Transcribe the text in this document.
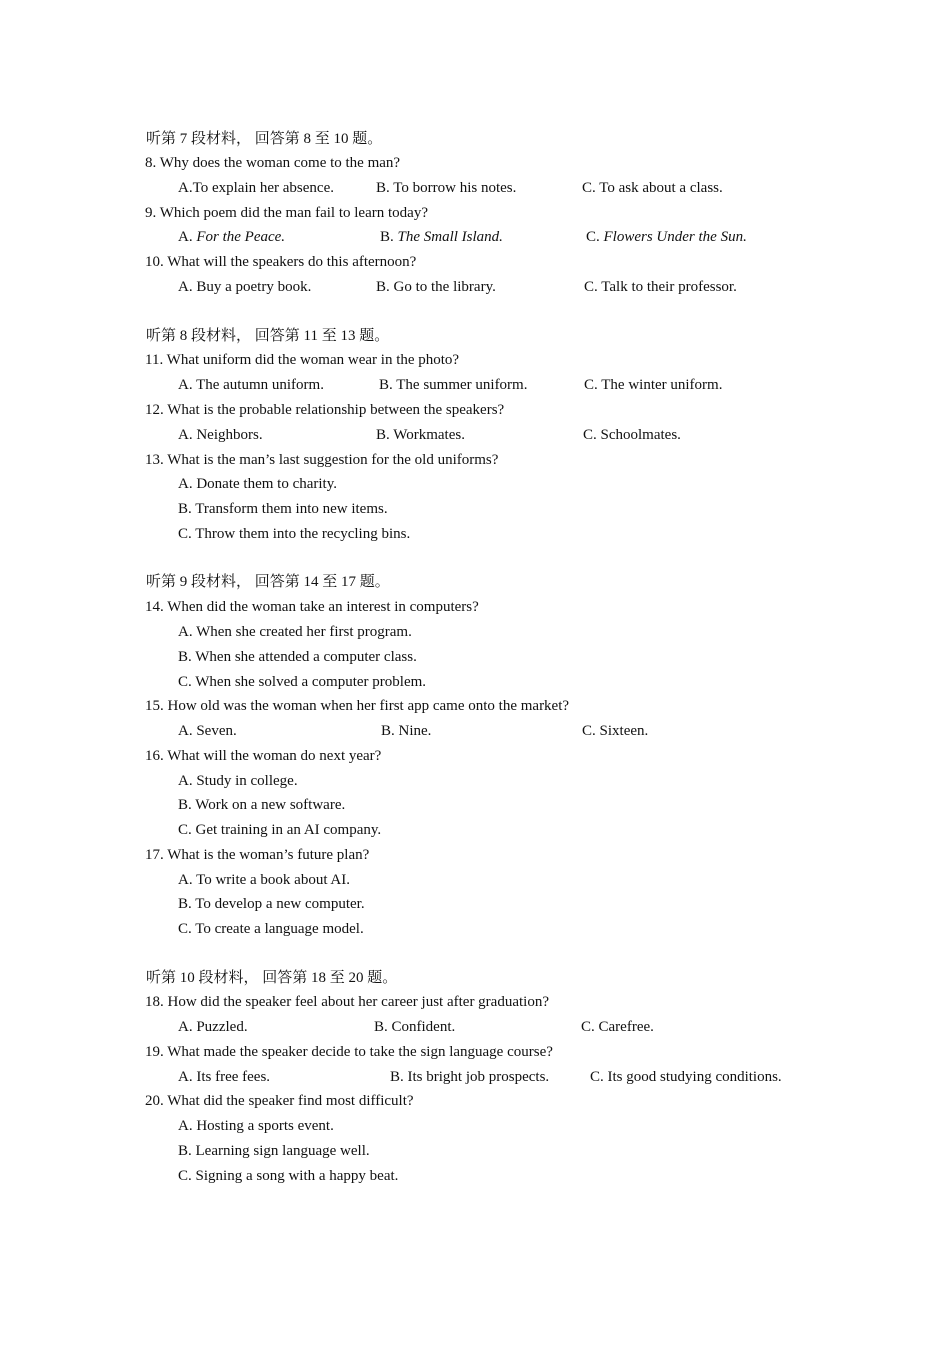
听第 7 段材料， 回答第 8 至 10 题。
8. Why does the woman come to the man?
A.To explain her absence.	B. To borrow his notes.	C. To ask about a class.
9. Which poem did the man fail to learn today?
A. For the Peace.	B. The Small Island.	C. Flowers Under the Sun.
10. What will the speakers do this afternoon?
A. Buy a poetry book.	B. Go to the library.	C. Talk to their professor.
听第 8 段材料， 回答第 11 至 13 题。
11. What uniform did the woman wear in the photo?
A. The autumn uniform.	B. The summer uniform.	C. The winter uniform.
12. What is the probable relationship between the speakers?
A. Neighbors.	B. Workmates.	C. Schoolmates.
13. What is the man’s last suggestion for the old uniforms?
A. Donate them to charity.
B. Transform them into new items.
C. Throw them into the recycling bins.
听第 9 段材料， 回答第 14 至 17 题。
14. When did the woman take an interest in computers?
A. When she created her first program.
B. When she attended a computer class.
C. When she solved a computer problem.
15. How old was the woman when her first app came onto the market?
A. Seven.	B. Nine.	C. Sixteen.
16. What will the woman do next year?
A. Study in college.
B. Work on a new software.
C. Get training in an AI company.
17. What is the woman’s future plan?
A. To write a book about AI.
B. To develop a new computer.
C. To create a language model.
听第 10 段材料， 回答第 18 至 20 题。
18. How did the speaker feel about her career just after graduation?
A. Puzzled.	B. Confident.	C. Carefree.
19. What made the speaker decide to take the sign language course?
A. Its free fees.	B. Its bright job prospects.	C. Its good studying conditions.
20. What did the speaker find most difficult?
A. Hosting a sports event.
B. Learning sign language well.
C. Signing a song with a happy beat.
